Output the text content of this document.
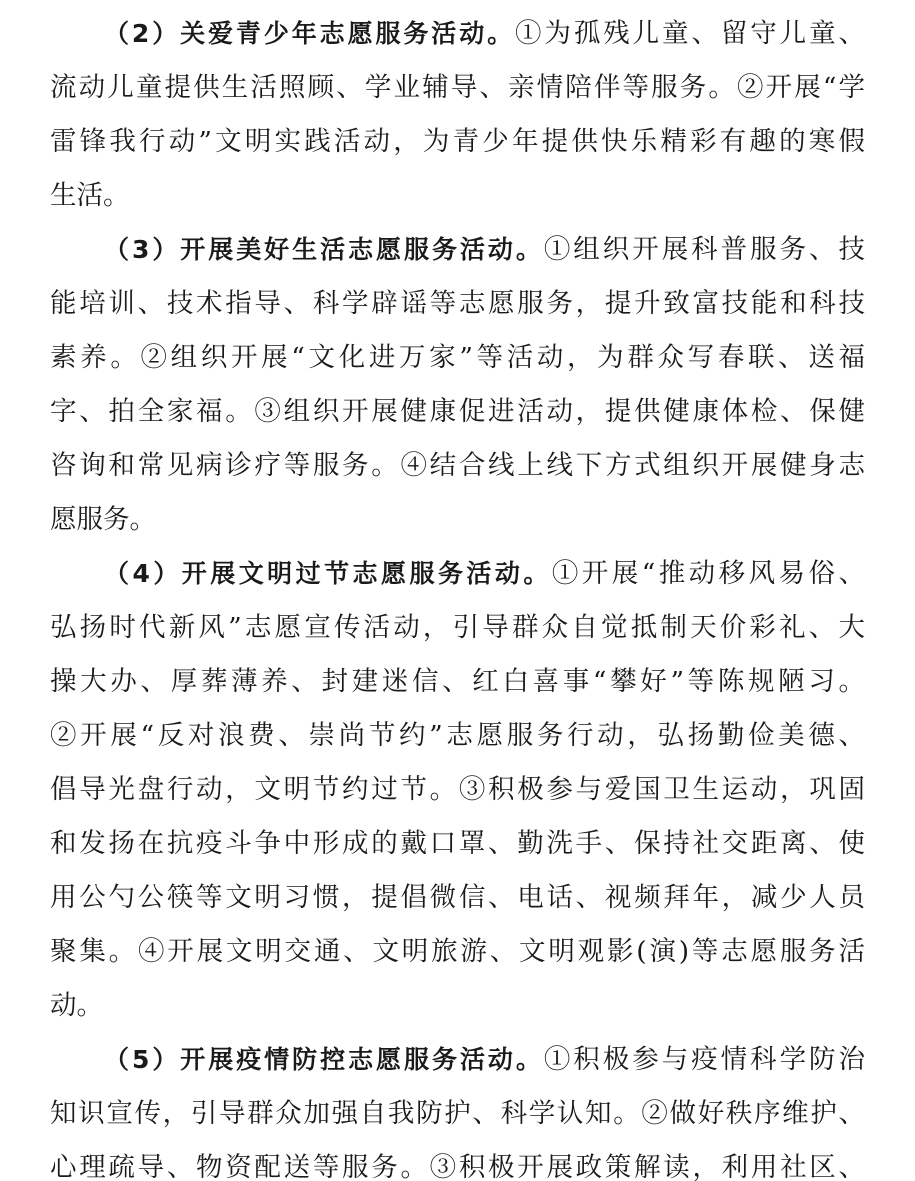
（2）关爱青少年志愿服务活动。①为孤残儿童、留守儿童、
流动儿童提供生活照顾、学业辅导、亲情陪伴等服务。②开展“学
雷锋我行动”文明实践活动，为青少年提供快乐精彩有趣的寒假
生活。
（3）开展美好生活志愿服务活动。①组织开展科普服务、技
能培训、技术指导、科学辟谣等志愿服务，提升致富技能和科技
素养。②组织开展“文化进万家”等活动，为群众写春联、送福
字、拍全家福。③组织开展健康促进活动，提供健康体检、保健
咨询和常见病诊疗等服务。④结合线上线下方式组织开展健身志
愿服务。
（4）开展文明过节志愿服务活动。①开展“推动移风易俗、
弘扬时代新风”志愿宣传活动，引导群众自觉抵制天价彩礼、大
操大办、厚葬薄养、封建迷信、红白喜事“攀好”等陈规陋习。
②开展“反对浪费、崇尚节约”志愿服务行动，弘扬勤俭美德、
倡导光盘行动，文明节约过节。③积极参与爱国卫生运动，巩固
和发扬在抗疫斗争中形成的戴口罩、勤洗手、保持社交距离、使
用公勺公筷等文明习惯，提倡微信、电话、视频拜年，减少人员
聚集。④开展文明交通、文明旅游、文明观影(演)等志愿服务活
动。
（5）开展疫情防控志愿服务活动。①积极参与疫情科学防治
知识宣传，引导群众加强自我防护、科学认知。②做好秩序维护、
心理疏导、物资配送等服务。③积极开展政策解读，利用社区、
